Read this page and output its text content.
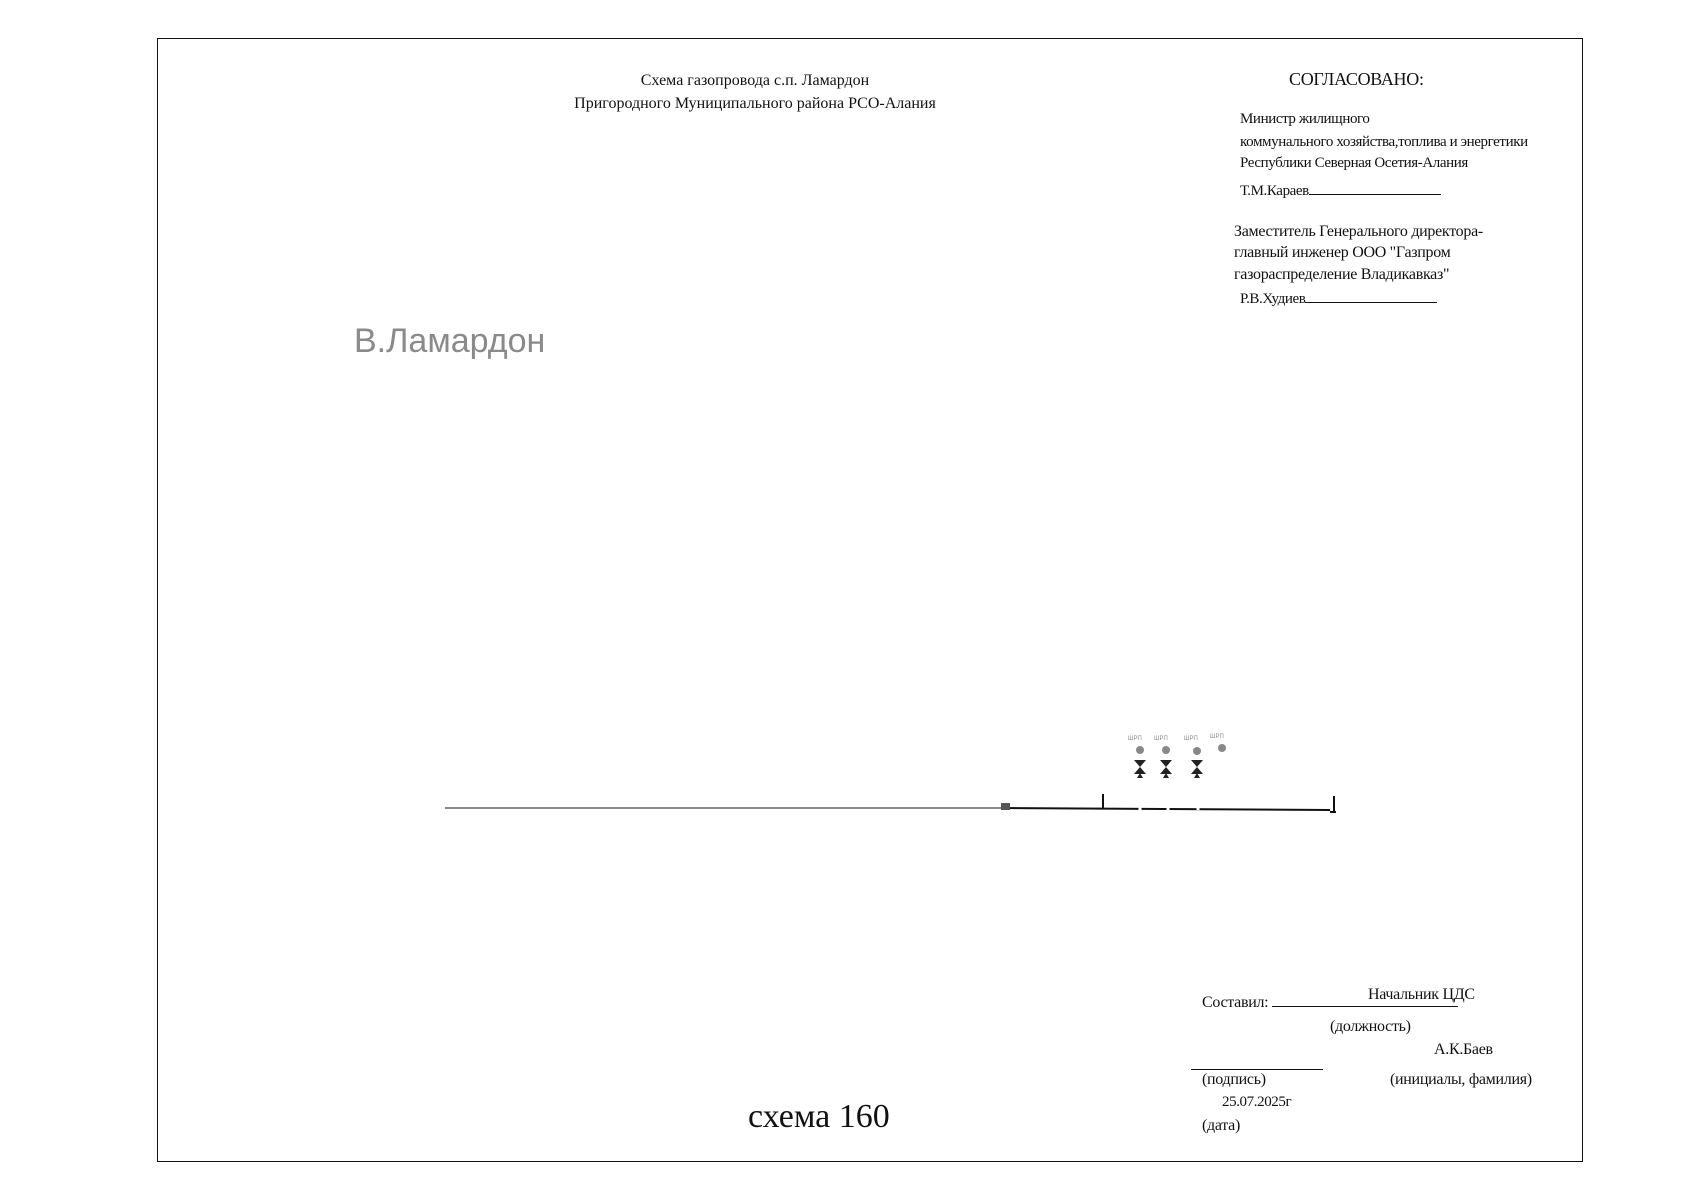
Схема газопровода с.п. Ламардон
Пригородного Муниципального района РСО-Алания
СОГЛАСОВАНО:
Министр жилищного
коммунального хозяйства,топлива и энергетики
Республики Северная Осетия-Алания
Т.М.Караев
Заместитель Генерального директора-
главный инженер ООО "Газпром
газораспределение Владикавказ"
Р.В.Худиев
В.Ламардон
ШРП ШРП	ШРП ШРП
Составил:	Начальник ЦДС
(должность)
А.К.Баев
(подпись)	(инициалы, фамилия)
25.07.2025г
(дата)
схема 160
